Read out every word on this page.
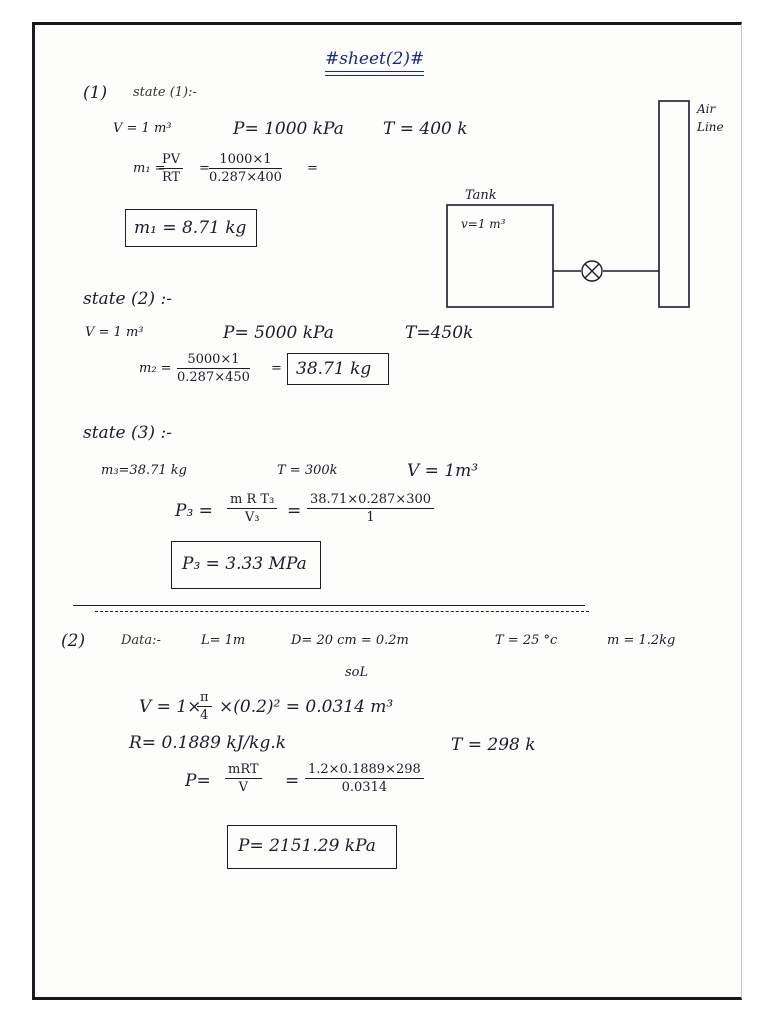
#sheet(2)#
(1) state (1):-
V = 1 m³	P= 1000 kPa T = 400 k
m₁ =
$\frac{PV}{RT} = \frac{1000\times 1}{0.287\times 400}$ =
m₁ = 8.71 kg
Tank
v=1 m³
Air
Line
state (2) :-
V = 1 m³	P= 5000 kPa	T=450k
$m_2 = \frac{5000\times 1}{0.287\times 450} = 38.71$ kg
state (3) :-
m₃=38.71 kg	T = 300k	V = 1m³
$P_3 = \frac{\text{m R T₃}}{\text{V₃}} = \frac{38.71\times 0.287\times 300}{1}$
P₃ = 3.33 MPa
(2)	Data:-	L= 1m	D= 20 cm = 0.2m	T = 25 °c	m = 1.2kg
soL
V = 1×
$\frac{\pi}{4} \times(0.2)^2 = 0.0314$ m³
R= 0.1889 kJ/kg.k	T = 298 k
P=
mRT
V	= $\frac{1.2\times 0.1889\times 298}{0.0314}$
P= 2151.29 kPa
